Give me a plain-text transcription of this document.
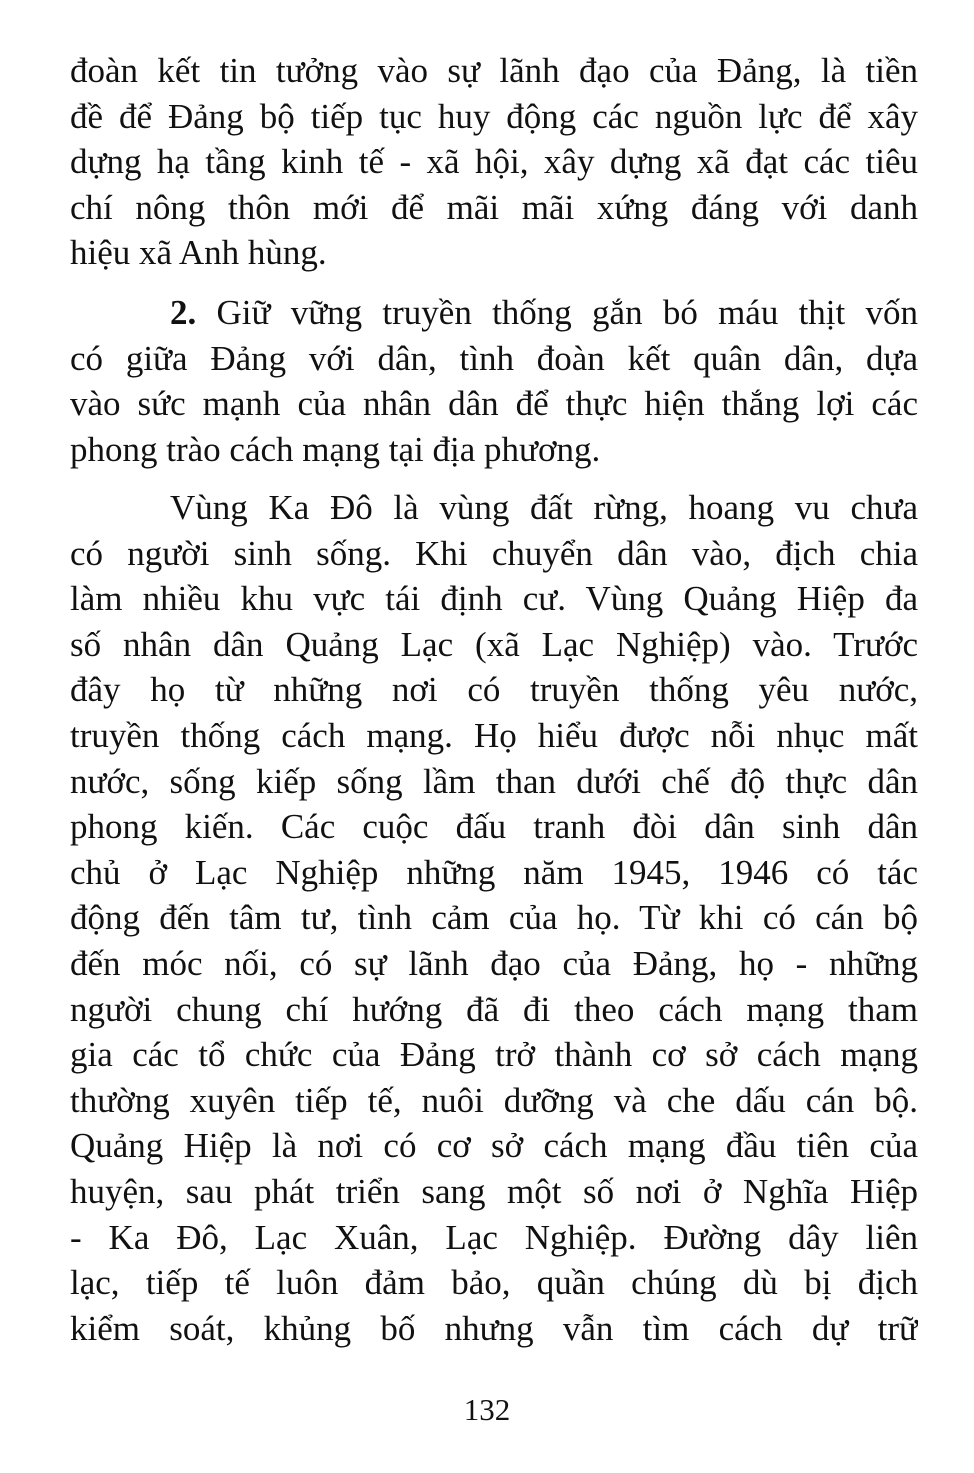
đoàn kết tin tưởng vào sự lãnh đạo của Đảng, là tiền
đề để Đảng bộ tiếp tục huy động các nguồn lực để xây
dựng hạ tầng kinh tế - xã hội, xây dựng xã đạt các tiêu
chí nông thôn mới để mãi mãi xứng đáng với danh
hiệu xã Anh hùng.
2. Giữ vững truyền thống gắn bó máu thịt vốn
có giữa Đảng với dân, tình đoàn kết quân dân, dựa
vào sức mạnh của nhân dân để thực hiện thắng lợi các
phong trào cách mạng tại địa phương.
Vùng Ka Đô là vùng đất rừng, hoang vu chưa
có người sinh sống. Khi chuyển dân vào, địch chia
làm nhiều khu vực tái định cư. Vùng Quảng Hiệp đa
số nhân dân Quảng Lạc (xã Lạc Nghiệp) vào. Trước
đây họ từ những nơi có truyền thống yêu nước,
truyền thống cách mạng. Họ hiểu được nỗi nhục mất
nước, sống kiếp sống lầm than dưới chế độ thực dân
phong kiến. Các cuộc đấu tranh đòi dân sinh dân
chủ ở Lạc Nghiệp những năm 1945, 1946 có tác
động đến tâm tư, tình cảm của họ. Từ khi có cán bộ
đến móc nối, có sự lãnh đạo của Đảng, họ - những
người chung chí hướng đã đi theo cách mạng tham
gia các tổ chức của Đảng trở thành cơ sở cách mạng
thường xuyên tiếp tế, nuôi dưỡng và che dấu cán bộ.
Quảng Hiệp là nơi có cơ sở cách mạng đầu tiên của
huyện, sau phát triển sang một số nơi ở Nghĩa Hiệp
- Ka Đô, Lạc Xuân, Lạc Nghiệp. Đường dây liên
lạc, tiếp tế luôn đảm bảo, quần chúng dù bị địch
kiểm soát, khủng bố nhưng vẫn tìm cách dự trữ
132
